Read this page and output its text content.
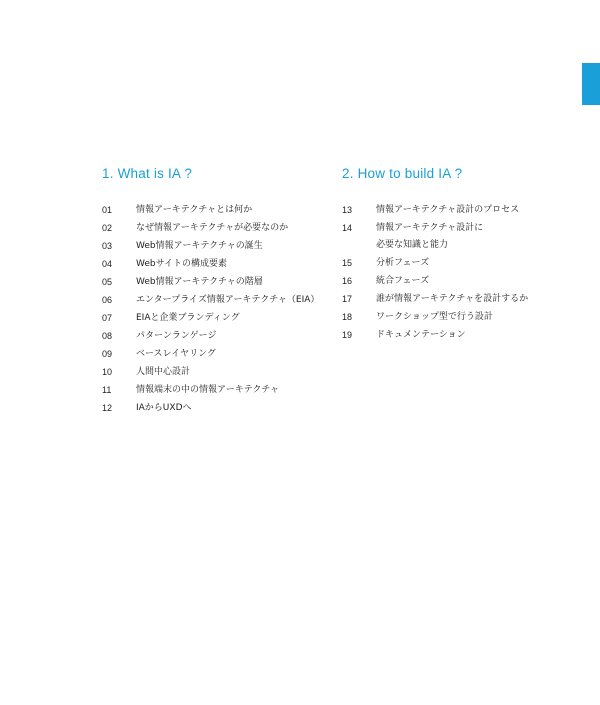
1. What is IA ?
01	情報アーキテクチャとは何か
02	なぜ情報アーキテクチャが必要なのか
03	Web情報アーキテクチャの誕生
04	Webサイトの構成要素
05	Web情報アーキテクチャの階層
06	エンタープライズ情報アーキテクチャ（EIA）
07	EIAと企業ブランディング
08	パターンランゲージ
09	ベースレイヤリング
10	人間中心設計
11	情報端末の中の情報アーキテクチャ
12	IAからUXDへ
2. How to build IA ?
13	情報アーキテクチャ設計のプロセス
14	情報アーキテクチャ設計に
必要な知識と能力
15	分析フェーズ
16	統合フェーズ
17	誰が情報アーキテクチャを設計するか
18	ワークショップ型で行う設計
19	ドキュメンテーション
